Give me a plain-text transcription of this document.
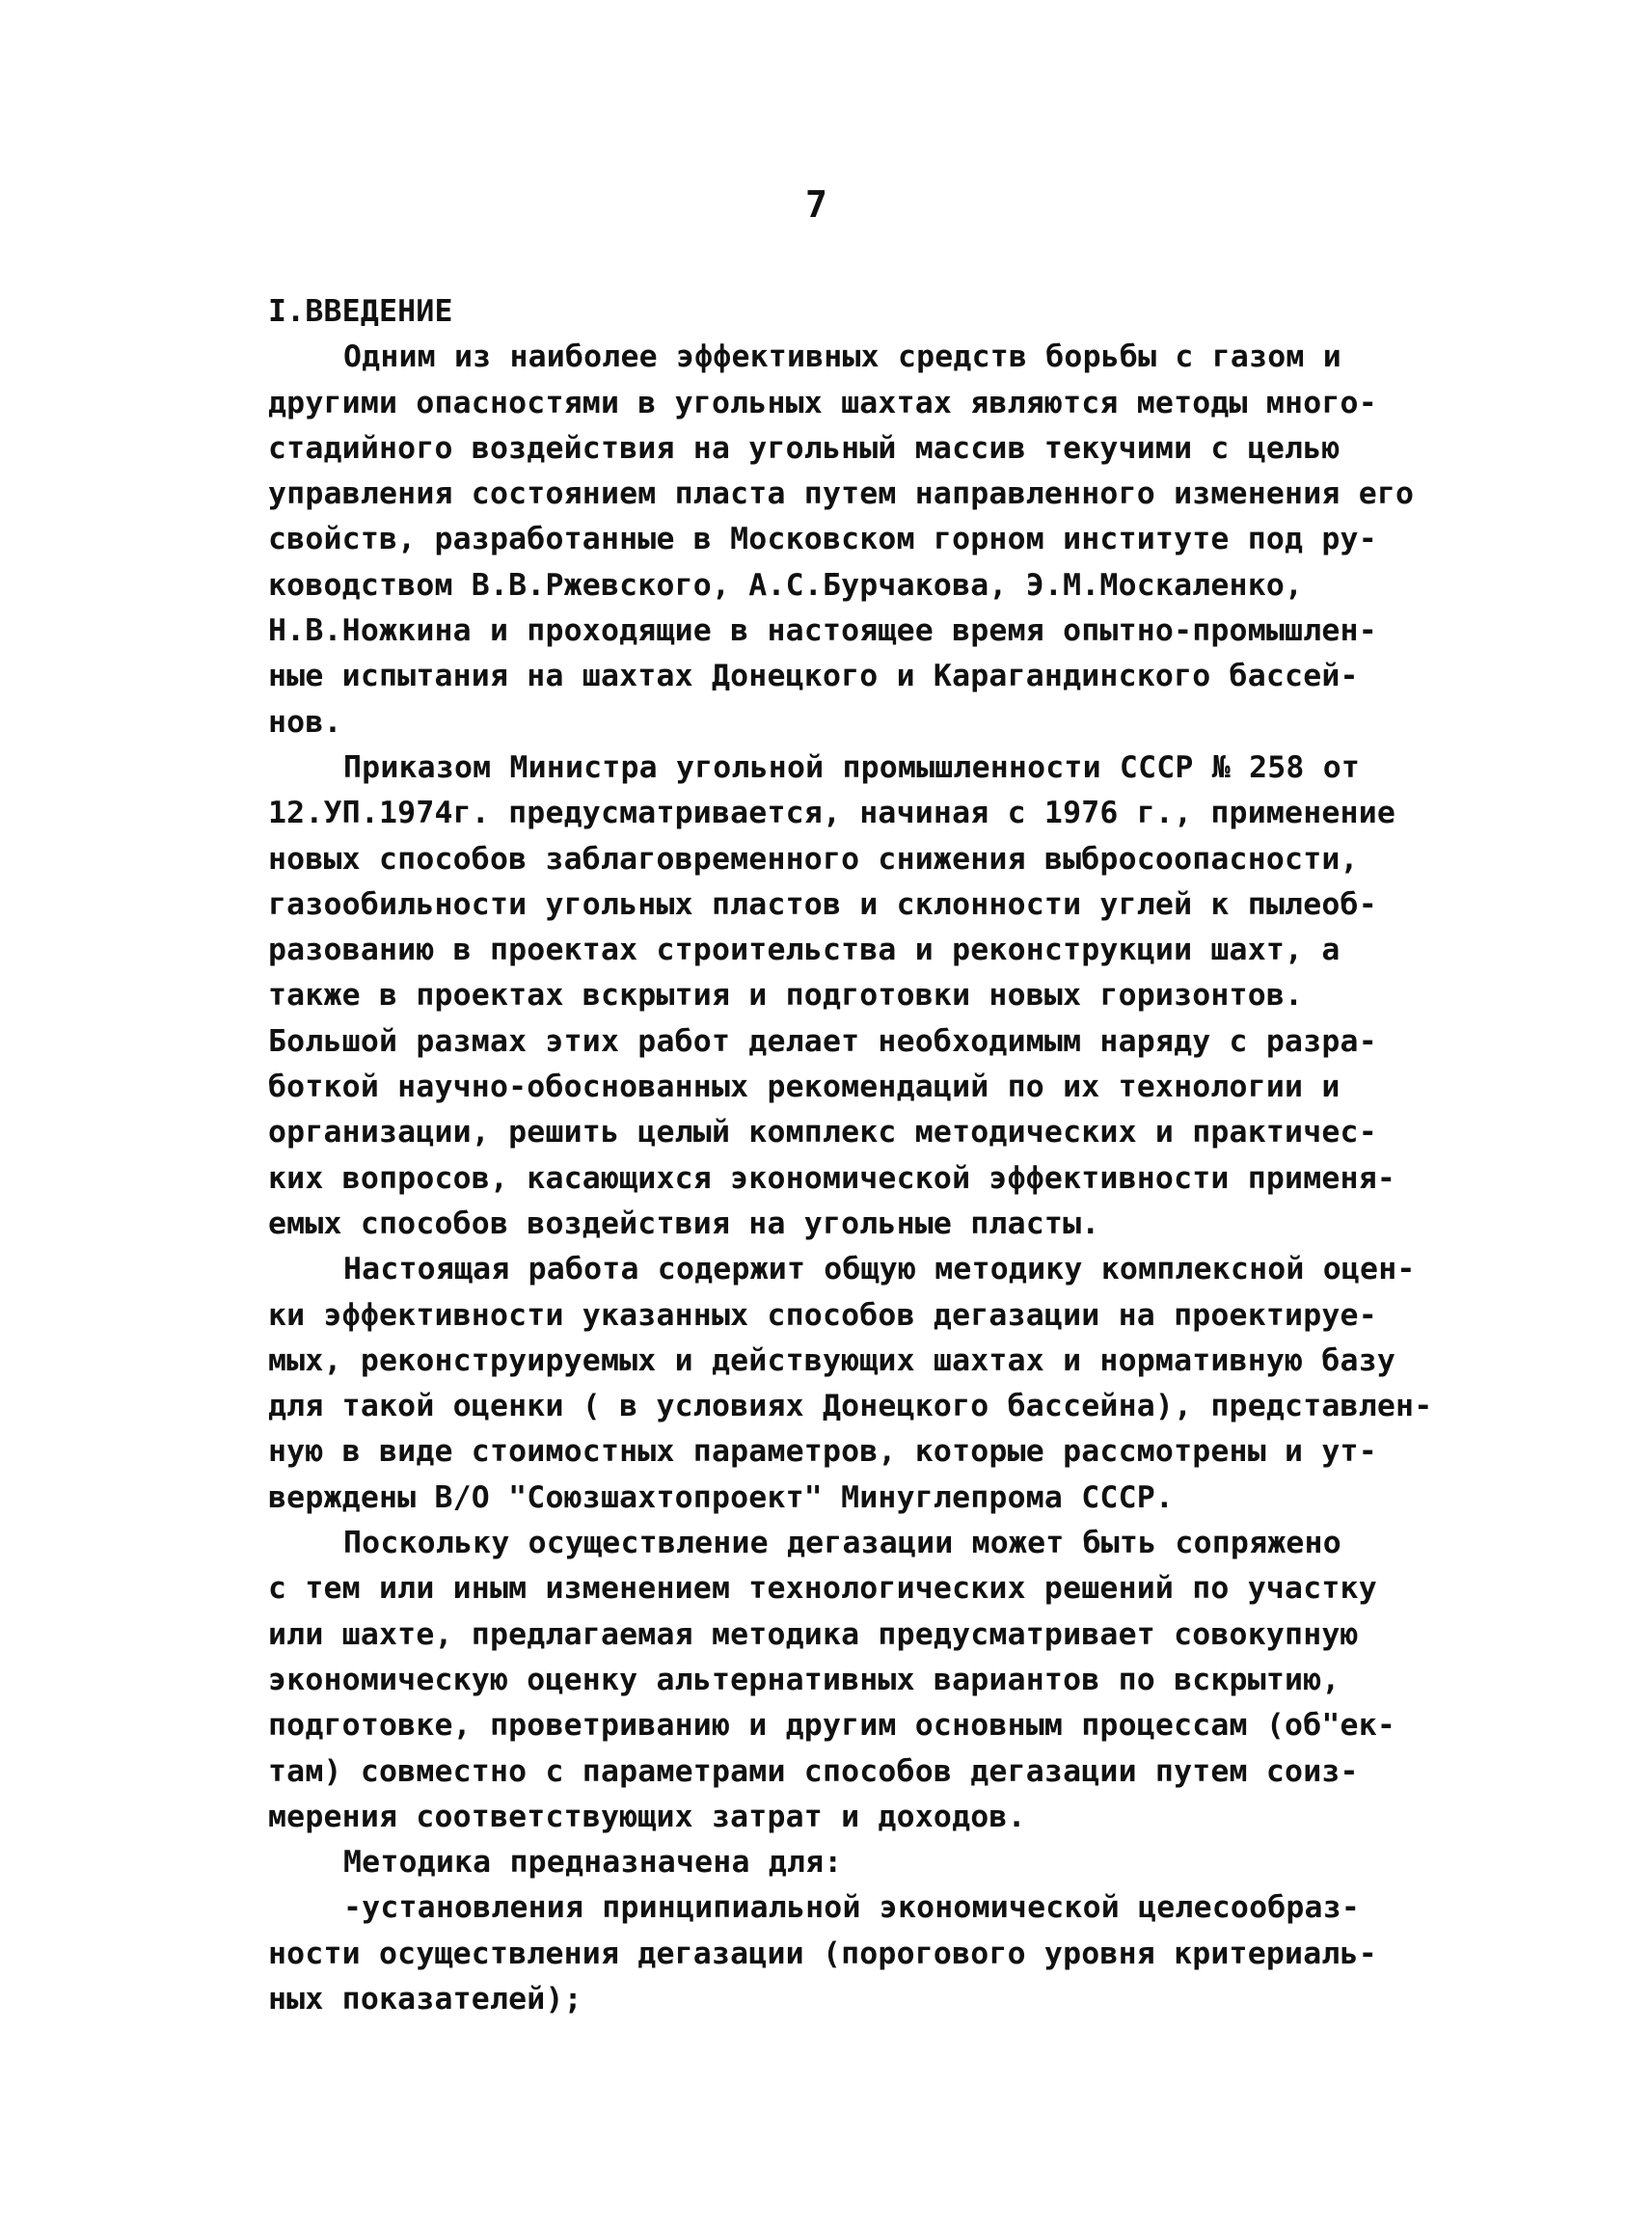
7
I.ВВЕДЕНИЕ
Одним из наиболее эффективных средств борьбы с газом и
другими опасностями в угольных шахтах являются методы много-
стадийного воздействия на угольный массив текучими с целью
управления состоянием пласта путем направленного изменения его
свойств, разработанные в Московском горном институте под ру-
ководством В.В.Ржевского, А.С.Бурчакова, Э.М.Москаленко,
Н.В.Ножкина и проходящие в настоящее время опытно-промышлен-
ные испытания на шахтах Донецкого и Карагандинского бассей-
нов.
Приказом Министра угольной промышленности СССР № 258 от
12.УП.1974г. предусматривается, начиная с 1976 г., применение
новых способов заблаговременного снижения выбросоопасности,
газообильности угольных пластов и склонности углей к пылеоб-
разованию в проектах строительства и реконструкции шахт, а
также в проектах вскрытия и подготовки новых горизонтов.
Большой размах этих работ делает необходимым наряду с разра-
боткой научно-обоснованных рекомендаций по их технологии и
организации, решить целый комплекс методических и практичес-
ких вопросов, касающихся экономической эффективности применя-
емых способов воздействия на угольные пласты.
Настоящая работа содержит общую методику комплексной оцен-
ки эффективности указанных способов дегазации на проектируе-
мых, реконструируемых и действующих шахтах и нормативную базу
для такой оценки ( в условиях Донецкого бассейна), представлен-
ную в виде стоимостных параметров, которые рассмотрены и ут-
верждены В/О "Союзшахтопроект" Минуглепрома СССР.
Поскольку осуществление дегазации может быть сопряжено
с тем или иным изменением технологических решений по участку
или шахте, предлагаемая методика предусматривает совокупную
экономическую оценку альтернативных вариантов по вскрытию,
подготовке, проветриванию и другим основным процессам (об"ек-
там) совместно с параметрами способов дегазации путем соиз-
мерения соответствующих затрат и доходов.
Методика предназначена для:
-установления принципиальной экономической целесообраз-
ности осуществления дегазации (порогового уровня критериаль-
ных показателей);
